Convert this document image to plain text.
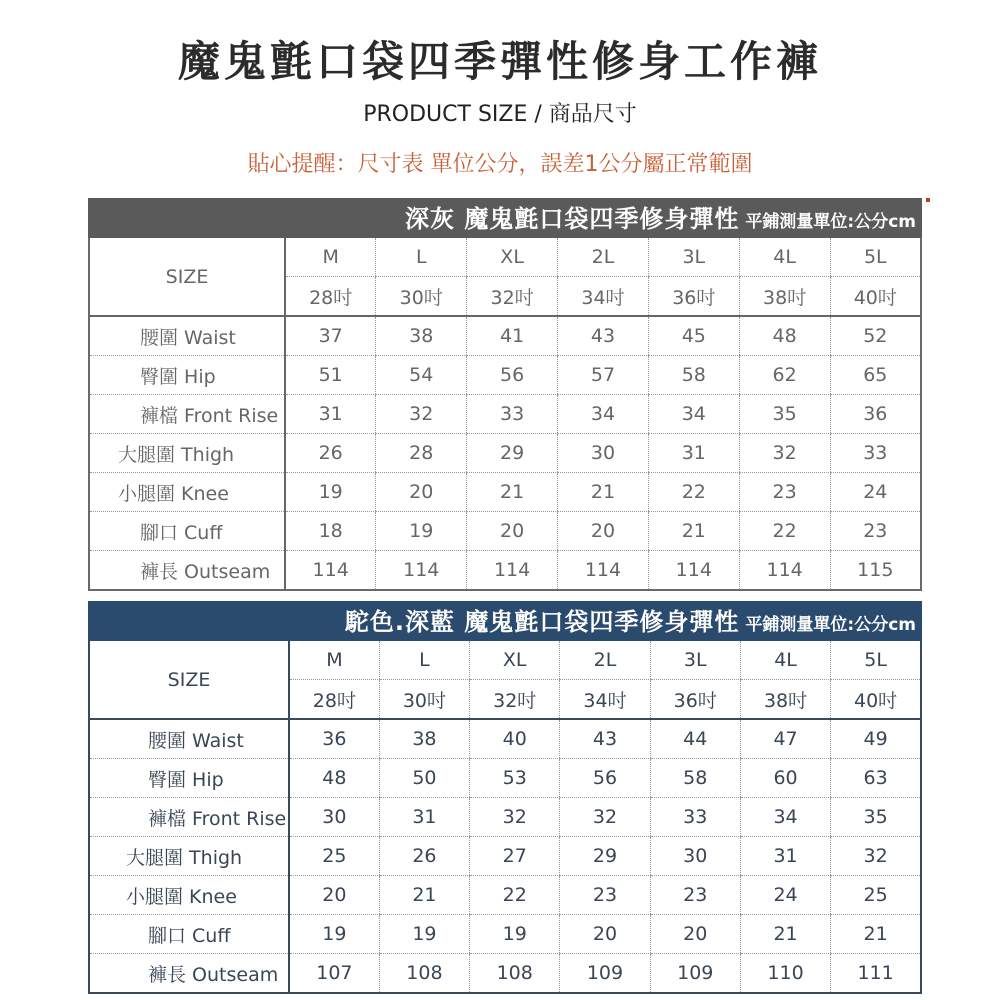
魔鬼氈口袋四季彈性修身工作褲
PRODUCT SIZE / 商品尺寸
貼心提醒：尺寸表 單位公分，誤差1公分屬正常範圍
深灰 魔鬼氈口袋四季修身彈性 平鋪測量單位:公分cm
SIZE	M	L	XL	2L	3L	4L	5L
	28吋	30吋	32吋	34吋	36吋	38吋	40吋
腰圍 Waist	37	38	41	43	45	48	52
臀圍 Hip	51	54	56	57	58	62	65
褲檔 Front Rise	31	32	33	34	34	35	36
大腿圍 Thigh	26	28	29	30	31	32	33
小腿圍 Knee	19	20	21	21	22	23	24
腳口 Cuff	18	19	20	20	21	22	23
褲長 Outseam	114	114	114	114	114	114	115
駝色.深藍 魔鬼氈口袋四季修身彈性 平鋪測量單位:公分cm
SIZE	M	L	XL	2L	3L	4L	5L
	28吋	30吋	32吋	34吋	36吋	38吋	40吋
腰圍 Waist	36	38	40	43	44	47	49
臀圍 Hip	48	50	53	56	58	60	63
褲檔 Front Rise	30	31	32	32	33	34	35
大腿圍 Thigh	25	26	27	29	30	31	32
小腿圍 Knee	20	21	22	23	23	24	25
腳口 Cuff	19	19	19	20	20	21	21
褲長 Outseam	107	108	108	109	109	110	111
